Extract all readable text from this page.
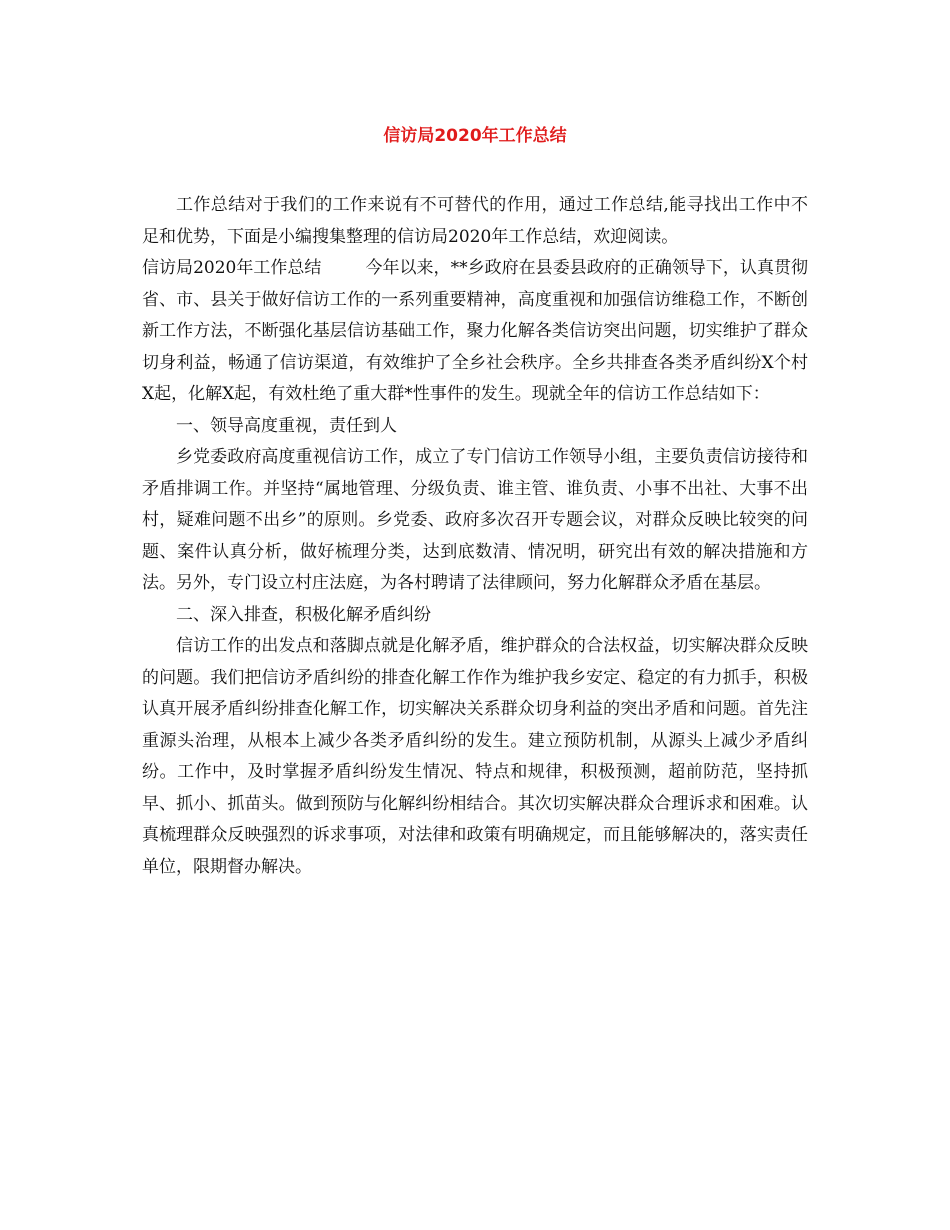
信访局2020年工作总结

工作总结对于我们的工作来说有不可替代的作用，通过工作总结,能寻找出工作中不足和优势，下面是小编搜集整理的信访局2020年工作总结，欢迎阅读。

信访局2020年工作总结	今年以来，**乡政府在县委县政府的正确领导下，认真贯彻省、市、县关于做好信访工作的一系列重要精神，高度重视和加强信访维稳工作，不断创新工作方法，不断强化基层信访基础工作，聚力化解各类信访突出问题，切实维护了群众切身利益，畅通了信访渠道，有效维护了全乡社会秩序。全乡共排查各类矛盾纠纷X个村X起，化解X起，有效杜绝了重大群*性事件的发生。现就全年的信访工作总结如下：

一、领导高度重视，责任到人

乡党委政府高度重视信访工作，成立了专门信访工作领导小组，主要负责信访接待和矛盾排调工作。并坚持“属地管理、分级负责、谁主管、谁负责、小事不出社、大事不出村，疑难问题不出乡”的原则。乡党委、政府多次召开专题会议，对群众反映比较突的问题、案件认真分析，做好梳理分类，达到底数清、情况明，研究出有效的解决措施和方法。另外，专门设立村庄法庭，为各村聘请了法律顾问，努力化解群众矛盾在基层。

二、深入排查，积极化解矛盾纠纷

信访工作的出发点和落脚点就是化解矛盾，维护群众的合法权益，切实解决群众反映的问题。我们把信访矛盾纠纷的排查化解工作作为维护我乡安定、稳定的有力抓手，积极认真开展矛盾纠纷排查化解工作，切实解决关系群众切身利益的突出矛盾和问题。首先注重源头治理，从根本上减少各类矛盾纠纷的发生。建立预防机制，从源头上减少矛盾纠纷。工作中，及时掌握矛盾纠纷发生情况、特点和规律，积极预测，超前防范，坚持抓早、抓小、抓苗头。做到预防与化解纠纷相结合。其次切实解决群众合理诉求和困难。认真梳理群众反映强烈的诉求事项，对法律和政策有明确规定，而且能够解决的，落实责任单位，限期督办解决。
